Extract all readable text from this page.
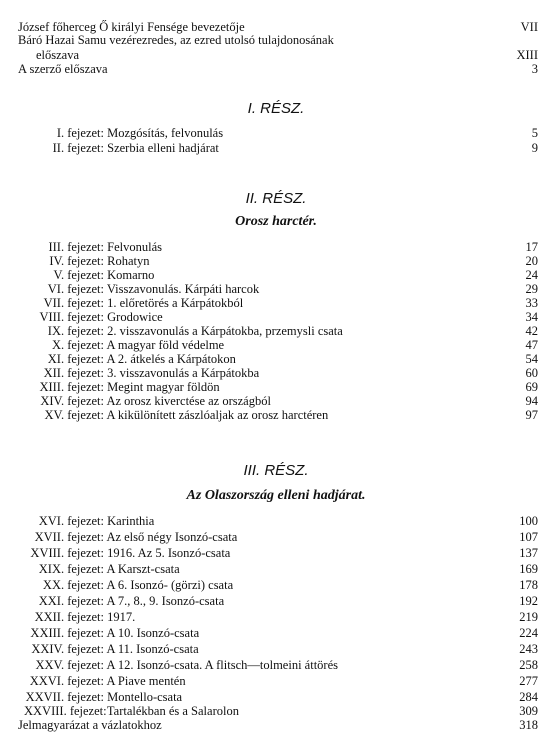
József főherceg Ő királyi Fensége bevezetője	VII
Báró Hazai Samu vezérezredes, az ezred utolsó tulajdonosának
előszava	XIII
A szerző előszava	3
I. RÉSZ.
I. fejezet: Mozgósítás, felvonulás	5
II. fejezet: Szerbia elleni hadjárat	9
II. RÉSZ.
Orosz harctér.
III. fejezet: Felvonulás	17
IV. fejezet: Rohatyn	20
V. fejezet: Komarno	24
VI. fejezet: Visszavonulás. Kárpáti harcok	29
VII. fejezet: 1. előretörés a Kárpátokból	33
VIII. fejezet: Grodowice	34
IX. fejezet: 2. visszavonulás a Kárpátokba, przemysli csata	42
X. fejezet: A magyar föld védelme	47
XI. fejezet: A 2. átkelés a Kárpátokon	54
XII. fejezet: 3. visszavonulás a Kárpátokba	60
XIII. fejezet: Megint magyar földön	69
XIV. fejezet: Az orosz kiverctése az országból	94
XV. fejezet: A kikülönített zászlóaljak az orosz harctéren	97
III. RÉSZ.
Az Olaszország elleni hadjárat.
XVI. fejezet: Karinthia	100
XVII. fejezet: Az első négy Isonzó-csata	107
XVIII. fejezet: 1916. Az 5. Isonzó-csata	137
XIX. fejezet: A Karszt-csata	169
XX. fejezet: A 6. Isonzó- (görzi) csata	178
XXI. fejezet: A 7., 8., 9. Isonzó-csata	192
XXII. fejezet: 1917.	219
XXIII. fejezet: A 10. Isonzó-csata	224
XXIV. fejezet: A 11. Isonzó-csata	243
XXV. fejezet: A 12. Isonzó-csata. A flitsch—tolmeini áttörés	258
XXVI. fejezet: A Piave mentén	277
XXVII. fejezet: Montello-csata	284
XXVIII. fejezet: Tartalékban és a Salarolon	309
Jelmagyarázat a vázlatokhoz	318
